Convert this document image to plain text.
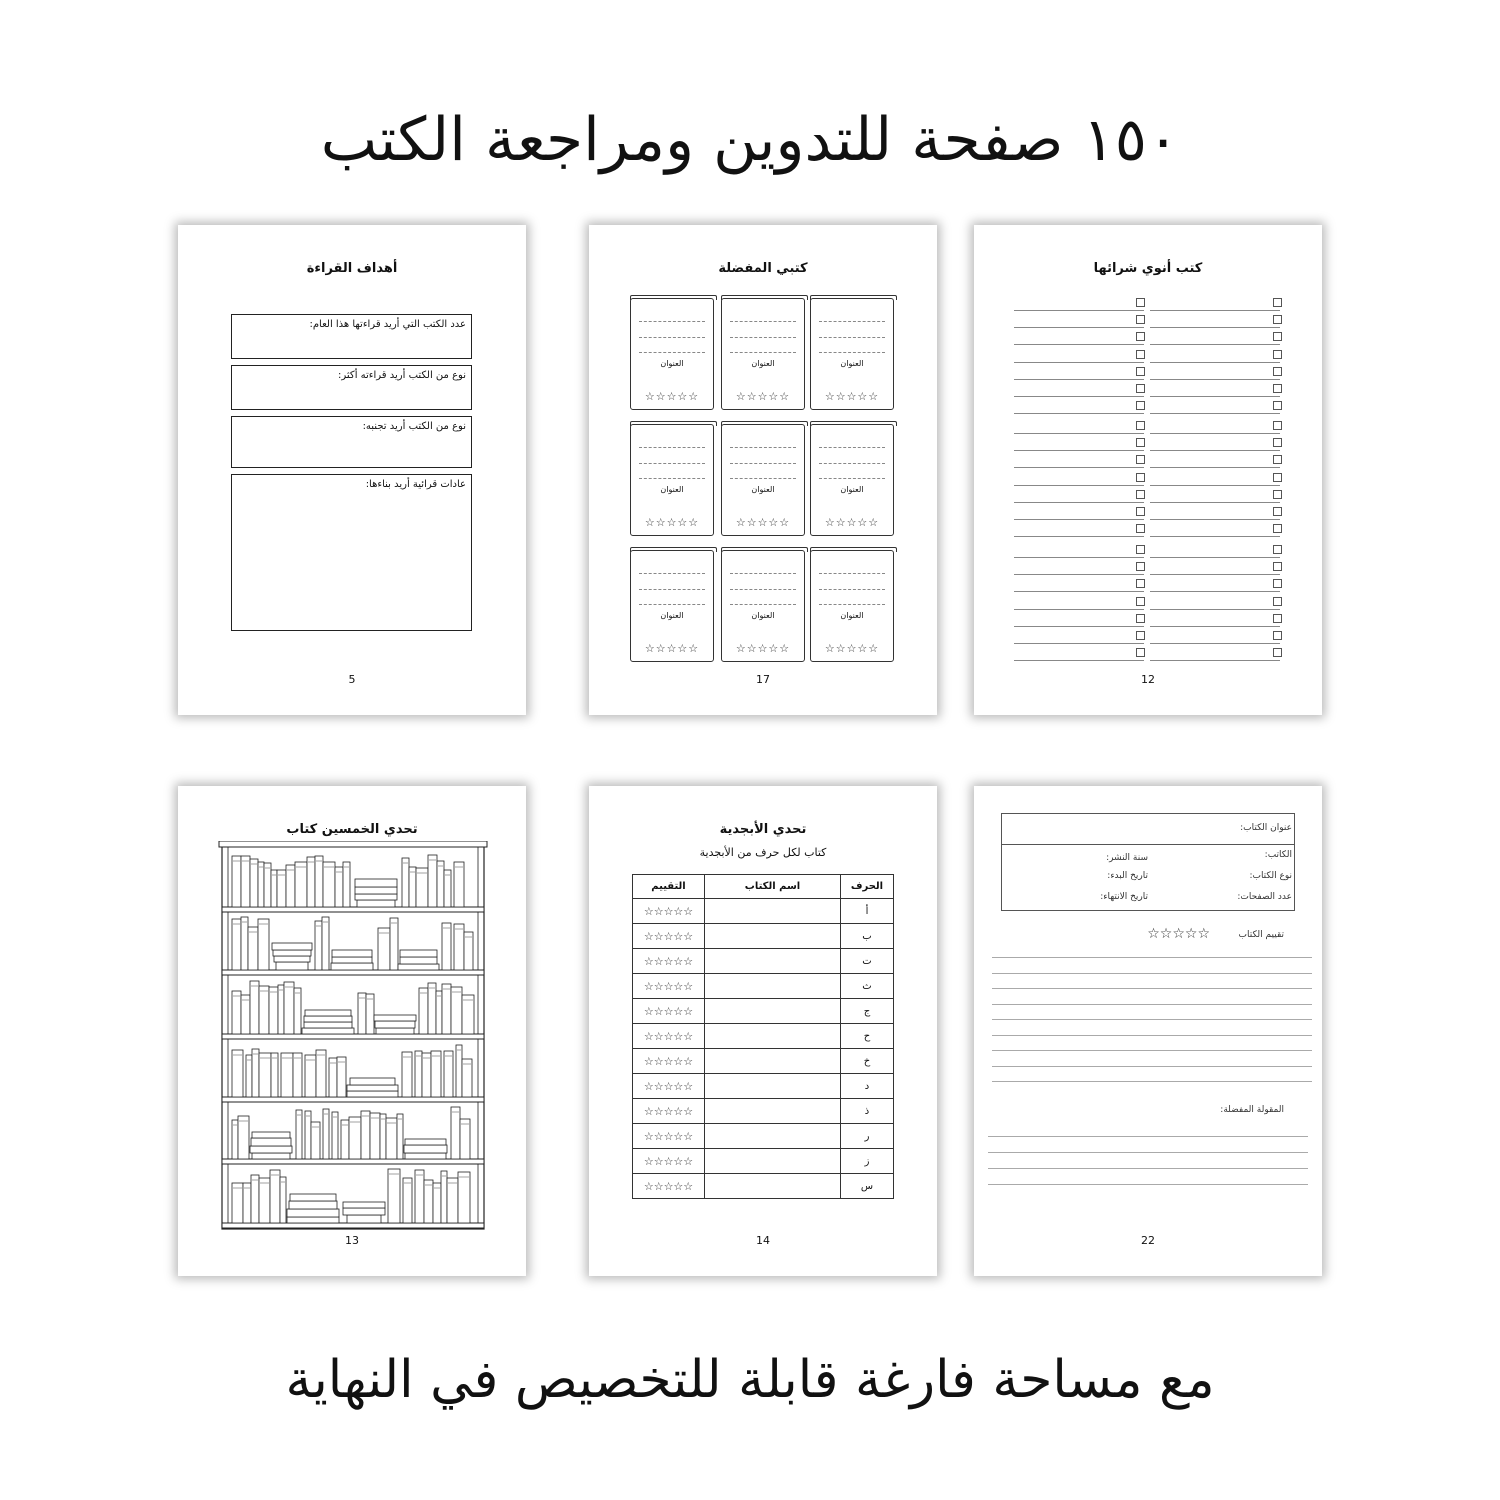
١٥٠ صفحة للتدوين ومراجعة الكتب
أهداف القراءة
عدد الكتب التي أريد قراءتها هذا العام:
نوع من الكتب أريد قراءته أكثر:
نوع من الكتب أريد تجنبه:
عادات قرائية أريد بناءها:
5
كتبي المفضلة
العنوان
☆☆☆☆☆
العنوان
☆☆☆☆☆
العنوان
☆☆☆☆☆
العنوان
☆☆☆☆☆
العنوان
☆☆☆☆☆
العنوان
☆☆☆☆☆
العنوان
☆☆☆☆☆
العنوان
☆☆☆☆☆
العنوان
☆☆☆☆☆
17
كتب أنوي شرائها
12
تحدي الخمسين كتاب
13
تحدي الأبجدية
كتاب لكل حرف من الأبجدية
الحرف	اسم الكتاب	التقييم
أ		☆☆☆☆☆
ب		☆☆☆☆☆
ت		☆☆☆☆☆
ث		☆☆☆☆☆
ج		☆☆☆☆☆
ح		☆☆☆☆☆
خ		☆☆☆☆☆
د		☆☆☆☆☆
ذ		☆☆☆☆☆
ر		☆☆☆☆☆
ز		☆☆☆☆☆
س		☆☆☆☆☆
14
عنوان الكتاب:
الكاتب:
سنة النشر:
نوع الكتاب:
تاريخ البدء:
عدد الصفحات:
تاريخ الانتهاء:
تقييم الكتاب
☆☆☆☆☆
المقولة المفضلة:
22
مع مساحة فارغة قابلة للتخصيص في النهاية
